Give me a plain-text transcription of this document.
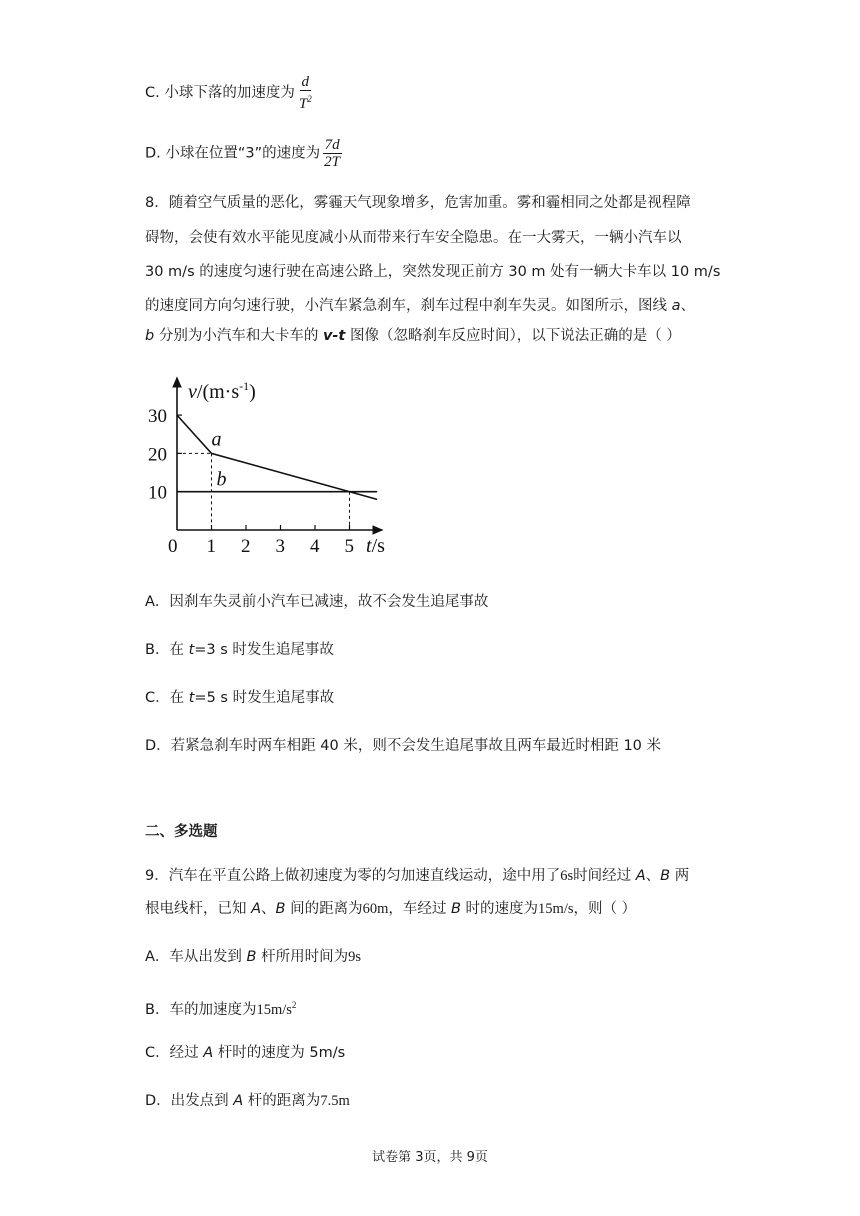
C. 小球下落的加速度为 $\frac{d}{T^2}$
D. 小球在位置“3”的速度为 $\frac{7d}{2T}$
8．随着空气质量的恶化，雾霾天气现象增多，危害加重。雾和霾相同之处都是视程障
碍物，会使有效水平能见度减小从而带来行车安全隐患。在一大雾天，一辆小汽车以
30 m/s 的速度匀速行驶在高速公路上，突然发现正前方 30 m 处有一辆大卡车以 10 m/s
的速度同方向匀速行驶，小汽车紧急刹车，刹车过程中刹车失灵。如图所示，图线 a、
b 分别为小汽车和大卡车的 v-t 图像（忽略刹车反应时间），以下说法正确的是（ ）
0 1 2 3 4 5
10
20
30
a
b
$v/(m\cdot s^{-1})$
t/s
A．因刹车失灵前小汽车已减速，故不会发生追尾事故
B．在 t=3 s 时发生追尾事故
C．在 t=5 s 时发生追尾事故
D．若紧急刹车时两车相距 40 米，则不会发生追尾事故且两车最近时相距 10 米
二、多选题
9．汽车在平直公路上做初速度为零的匀加速直线运动，途中用了6s时间经过 A、B 两
根电线杆，已知 A、B 间的距离为60m，车经过 B 时的速度为15m/s，则（ ）
A．车从出发到 B 杆所用时间为9s
B．车的加速度为$15m/s^2$
C．经过 A 杆时的速度为 5m/s
D．出发点到 A 杆的距离为7.5m
试卷第 3页，共 9页
